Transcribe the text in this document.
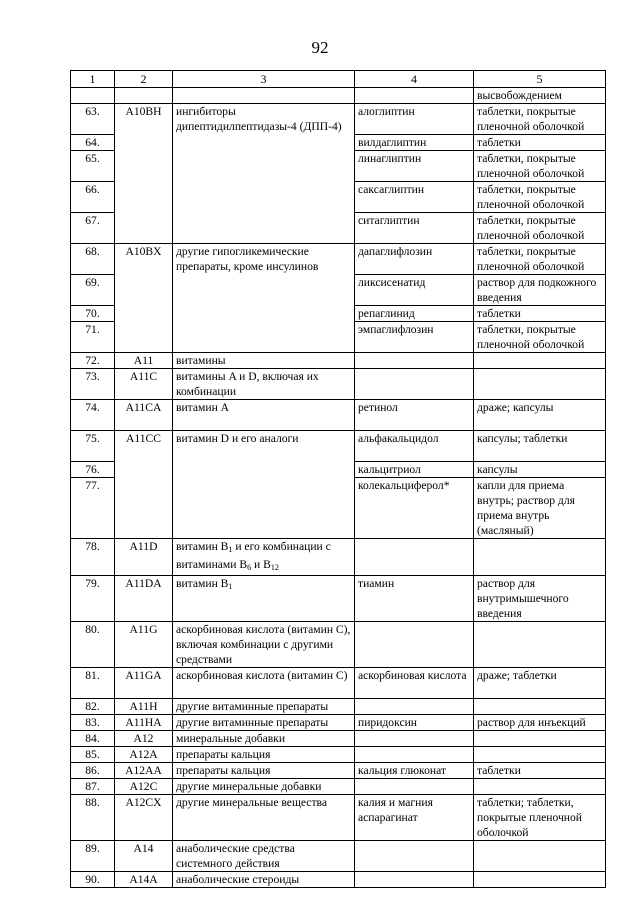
92
1	2	3	4	5
				высвобождением
63.	A10BH	ингибиторы дипептидилпептидазы-4 (ДПП-4)	алоглиптин	таблетки, покрытые пленочной оболочкой
64.			вилдаглиптин	таблетки
65.			линаглиптин	таблетки, покрытые пленочной оболочкой
66.			саксаглиптин	таблетки, покрытые пленочной оболочкой
67.			ситаглиптин	таблетки, покрытые пленочной оболочкой
68.	A10BX	другие гипогликемические препараты, кроме инсулинов	дапаглифлозин	таблетки, покрытые пленочной оболочкой
69.			ликсисенатид	раствор для подкожного введения
70.			репаглинид	таблетки
71.			эмпаглифлозин	таблетки, покрытые пленочной оболочкой
72.	A11	витамины		
73.	A11C	витамины A и D, включая их комбинации		
74.	A11CA	витамин A	ретинол	драже; капсулы
75.	A11CC	витамин D и его аналоги	альфакальцидол	капсулы; таблетки
76.			кальцитриол	капсулы
77.			колекальциферол*	капли для приема внутрь; раствор для приема внутрь (масляный)
78.	A11D	витамин $B_1$ и его комбинации с витаминами $B_6$ и $B_{12}$		
79.	A11DA	витамин $B_1$	тиамин	раствор для внутримышечного введения
80.	A11G	аскорбиновая кислота (витамин C), включая комбинации с другими средствами		
81.	A11GA	аскорбиновая кислота (витамин C)	аскорбиновая кислота	драже; таблетки
82.	A11H	другие витаминные препараты		
83.	A11HA	другие витаминные препараты	пиридоксин	раствор для инъекций
84.	A12	минеральные добавки		
85.	A12A	препараты кальция		
86.	A12AA	препараты кальция	кальция глюконат	таблетки
87.	A12C	другие минеральные добавки		
88.	A12CX	другие минеральные вещества	калия и магния аспарагинат	таблетки; таблетки, покрытые пленочной оболочкой
89.	A14	анаболические средства системного действия		
90.	A14A	анаболические стероиды		
